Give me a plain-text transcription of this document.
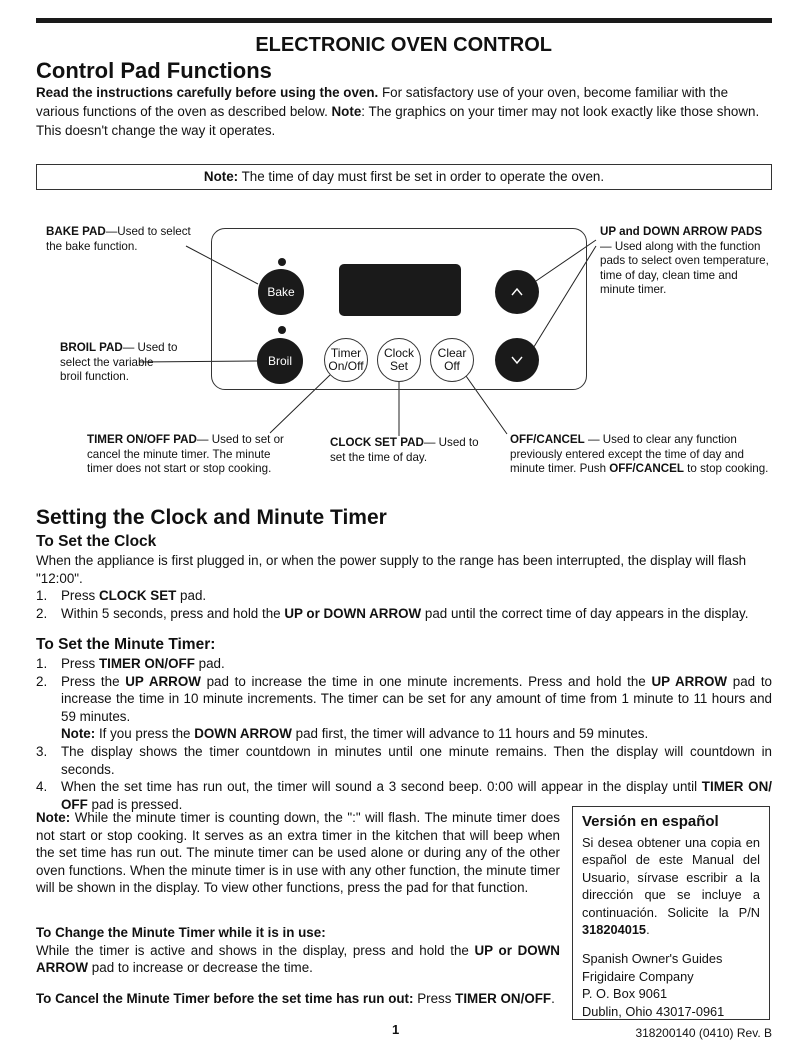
ELECTRONIC OVEN CONTROL
Control Pad Functions
Read the instructions carefully before using the oven. For satisfactory use of your oven, become familiar with the various functions of the oven as described below. Note: The graphics on your timer may not look exactly like those shown. This doesn't change the way it operates.
Note: The time of day must first be set in order to operate the oven.
Bake
Broil
Timer
On/Off
Clock
Set
Clear
Off
BAKE PAD—Used to select the bake function.
BROIL PAD— Used to select the variable broil function.
TIMER ON/OFF PAD— Used to set or cancel the minute timer. The minute timer does not start or stop cooking.
CLOCK SET PAD— Used to set the time of day.
OFF/CANCEL — Used to clear any function previously entered except the time of day and minute timer. Push OFF/CANCEL to stop cooking.
UP and DOWN ARROW PADS— Used along with the function pads to select oven temperature, time of day, clean time and minute timer.
Setting the Clock and Minute Timer
To Set the Clock
When the appliance is first plugged in, or when the power supply to the range has been interrupted, the display will flash "12:00".
1. Press CLOCK SET pad.
2. Within 5 seconds, press and hold the UP or DOWN ARROW pad until the correct time of day appears in the display.
To Set the Minute Timer:
1. Press TIMER ON/OFF pad.
2. Press the UP ARROW pad to increase the time in one minute increments. Press and hold the UP ARROW pad to increase the time in 10 minute increments. The timer can be set for any amount of time from 1 minute to 11 hours and 59 minutes.
Note: If you press the DOWN ARROW pad first, the timer will advance to 11 hours and 59 minutes.
3. The display shows the timer countdown in minutes until one minute remains. Then the display will countdown in seconds.
4. When the set time has run out, the timer will sound a 3 second beep. 0:00 will appear in the display until TIMER ON/ OFF pad is pressed.
Note: While the minute timer is counting down, the ":" will flash. The minute timer does not start or stop cooking. It serves as an extra timer in the kitchen that will beep when the set time has run out. The minute timer can be used alone or during any of the other oven functions. When the minute timer is in use with any other function, the minute timer will be shown in the display. To view other functions, press the pad for that function.
To Change the Minute Timer while it is in use:
While the timer is active and shows in the display, press and hold the UP or DOWN ARROW pad to increase or decrease the time.
To Cancel the Minute Timer before the set time has run out: Press TIMER ON/OFF.
Versión en español
Si desea obtener una copia en español de este Manual del Usuario, sírvase escribir a la dirección que se incluye a continuación. Solicite la P/N 318204015.
Spanish Owner's Guides
Frigidaire Company
P. O. Box 9061
Dublin, Ohio 43017-0961
1	318200140 (0410) Rev. B
